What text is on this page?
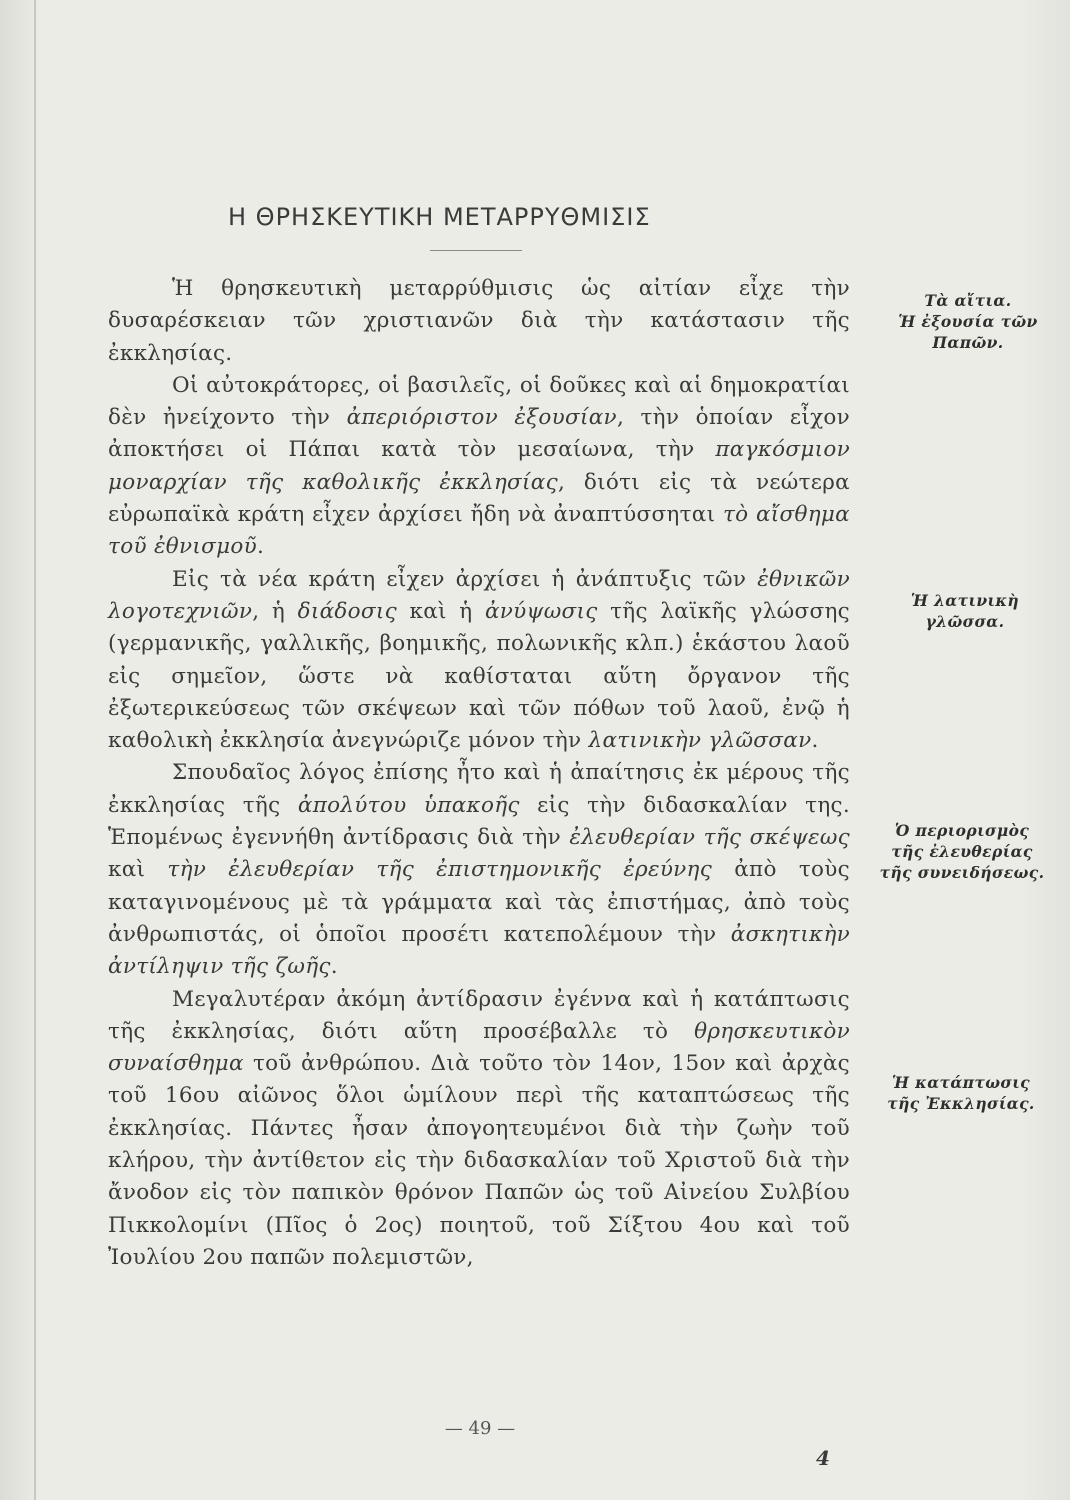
Η ΘΡΗΣΚΕΥΤΙΚΗ ΜΕΤΑΡΡΥΘΜΙΣΙΣ

Ἡ θρησκευτικὴ μεταρρύθμισις ὡς αἰτίαν εἶχε τὴν δυσαρέσκειαν τῶν χριστιανῶν διὰ τὴν κατάστασιν τῆς ἐκκλησίας.

Οἱ αὐτοκράτορες, οἱ βασιλεῖς, οἱ δοῦκες καὶ αἱ δημοκρατίαι δὲν ἠνείχοντο τὴν ἀπεριόριστον ἐξουσίαν, τὴν ὁποίαν εἶχον ἀποκτήσει οἱ Πάπαι κατὰ τὸν μεσαίωνα, τὴν παγκόσμιον μοναρχίαν τῆς καθολικῆς ἐκκλησίας, διότι εἰς τὰ νεώτερα εὐρωπαϊκὰ κράτη εἶχεν ἀρχίσει ἤδη νὰ ἀναπτύσσηται τὸ αἴσθημα τοῦ ἐθνισμοῦ.

Εἰς τὰ νέα κράτη εἶχεν ἀρχίσει ἡ ἀνάπτυξις τῶν ἐθνικῶν λογοτεχνιῶν, ἡ διάδοσις καὶ ἡ ἀνύψωσις τῆς λαϊκῆς γλώσσης (γερμανικῆς, γαλλικῆς, βοημικῆς, πολωνικῆς κλπ.) ἑκάστου λαοῦ εἰς σημεῖον, ὥστε νὰ καθίσταται αὕτη ὄργανον τῆς ἐξωτερικεύσεως τῶν σκέψεων καὶ τῶν πόθων τοῦ λαοῦ, ἐνῷ ἡ καθολικὴ ἐκκλησία ἀνεγνώριζε μόνον τὴν λατινικὴν γλῶσσαν.

Σπουδαῖος λόγος ἐπίσης ἦτο καὶ ἡ ἀπαίτησις ἐκ μέρους τῆς ἐκκλησίας τῆς ἀπολύτου ὑπακοῆς εἰς τὴν διδασκαλίαν της. Ἑπομένως ἐγεννήθη ἀντίδρασις διὰ τὴν ἐλευθερίαν τῆς σκέψεως καὶ τὴν ἐλευθερίαν τῆς ἐπιστημονικῆς ἐρεύνης ἀπὸ τοὺς καταγινομένους μὲ τὰ γράμματα καὶ τὰς ἐπιστήμας, ἀπὸ τοὺς ἀνθρωπιστάς, οἱ ὁποῖοι προσέτι κατεπολέμουν τὴν ἀσκητικὴν ἀντίληψιν τῆς ζωῆς.

Μεγαλυτέραν ἀκόμη ἀντίδρασιν ἐγέννα καὶ ἡ κατάπτωσις τῆς ἐκκλησίας, διότι αὕτη προσέβαλλε τὸ θρησκευτικὸν συναίσθημα τοῦ ἀνθρώπου. Διὰ τοῦτο τὸν 14ον, 15ον καὶ ἀρχὰς τοῦ 16ου αἰῶνος ὅλοι ὡμίλουν περὶ τῆς καταπτώσεως τῆς ἐκκλησίας. Πάντες ἦσαν ἀπογοητευμένοι διὰ τὴν ζωὴν τοῦ κλήρου, τὴν ἀντίθετον εἰς τὴν διδασκαλίαν τοῦ Χριστοῦ διὰ τὴν ἄνοδον εἰς τὸν παπικὸν θρόνον Παπῶν ὡς τοῦ Αἰνείου Συλβίου Πικκολομίνι (Πῖος ὁ 2ος) ποιητοῦ, τοῦ Σίξτου 4ου καὶ τοῦ Ἰουλίου 2ου παπῶν πολεμιστῶν,

Τὰ αἴτια.
Ἡ ἐξουσία τῶν
Παπῶν.
Ἡ λατινικὴ
γλῶσσα.
Ὁ περιορισμὸς
τῆς ἐλευθερίας
τῆς συνειδήσεως.
Ἡ κατάπτωσις
τῆς Ἐκκλησίας.
— 49 —
4
